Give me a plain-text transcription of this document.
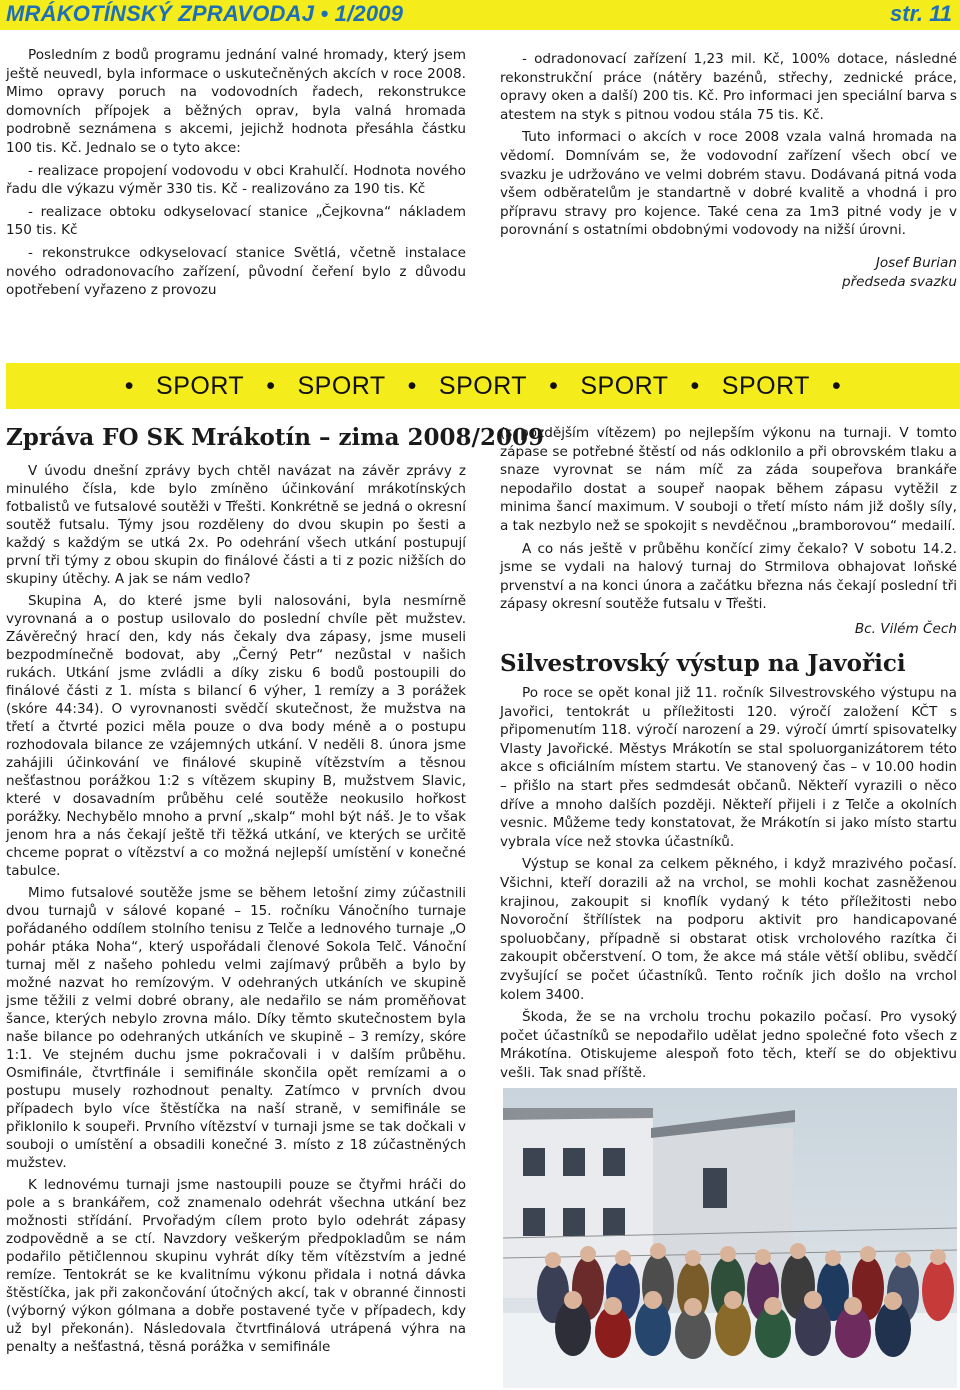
MRÁKOTÍNSKÝ ZPRAVODAJ • 1/2009	str. 11

Posledním z bodů programu jednání valné hromady, který jsem ještě neuvedl, byla informace o uskutečněných akcích v roce 2008. Mimo opravy poruch na vodovodních řadech, rekonstrukce domovních přípojek a běžných oprav, byla valná hromada podrobně seznámena s akcemi, jejichž hodnota přesáhla částku 100 tis. Kč. Jednalo se o tyto akce:

- realizace propojení vodovodu v obci Krahulčí. Hodnota nového řadu dle výkazu výměr 330 tis. Kč - realizováno za 190 tis. Kč

- realizace obtoku odkyselovací stanice „Čejkovna“ nákladem 150 tis. Kč

- rekonstrukce odkyselovací stanice Světlá, včetně instalace nového odradonovacího zařízení, původní čeření bylo z důvodu opotřebení vyřazeno z provozu

- odradonovací zařízení 1,23 mil. Kč, 100% dotace, následné rekonstrukční práce (nátěry bazénů, střechy, zednické práce, opravy oken a další) 200 tis. Kč. Pro informaci jen speciální barva s atestem na styk s pitnou vodou stála 75 tis. Kč.

Tuto informaci o akcích v roce 2008 vzala valná hromada na vědomí. Domnívám se, že vodovodní zařízení všech obcí ve svazku je udržováno ve velmi dobrém stavu. Dodávaná pitná voda všem odběratelům je standartně v dobré kvalitě a vhodná i pro přípravu stravy pro kojence. Také cena za 1m3 pitné vody je v porovnání s ostatními obdobnými vodovody na nižší úrovni.

Josef Burian

předseda svazku

• SPORT • SPORT • SPORT • SPORT • SPORT •
Zpráva FO SK Mrákotín – zima 2008/2009

V úvodu dnešní zprávy bych chtěl navázat na závěr zprávy z minulého čísla, kde bylo zmíněno účinkování mrákotínských fotbalistů ve futsalové soutěži v Třešti. Konkrétně se jedná o okresní soutěž futsalu. Týmy jsou rozděleny do dvou skupin po šesti a každý s každým se utká 2x. Po odehrání všech utkání postupují první tři týmy z obou skupin do finálové části a ti z pozic nižších do skupiny útěchy. A jak se nám vedlo?

Skupina A, do které jsme byli nalosováni, byla nesmírně vyrovnaná a o postup usilovalo do poslední chvíle pět mužstev. Závěrečný hrací den, kdy nás čekaly dva zápasy, jsme museli bezpodmínečně bodovat, aby „Černý Petr“ nezůstal v našich rukách. Utkání jsme zvládli a díky zisku 6 bodů postoupili do finálové části z 1. místa s bilancí 6 výher, 1 remízy a 3 porážek (skóre 44:34). O vyrovnanosti svědčí skutečnost, že mužstva na třetí a čtvrté pozici měla pouze o dva body méně a o postupu rozhodovala bilance ze vzájemných utkání. V neděli 8. února jsme zahájili účinkování ve finálové skupině vítězstvím a těsnou nešťastnou porážkou 1:2 s vítězem skupiny B, mužstvem Slavic, které v dosavadním průběhu celé soutěže neokusilo hořkost porážky. Nechybělo mnoho a první „skalp“ mohl být náš. Je to však jenom hra a nás čekají ještě tři těžká utkání, ve kterých se určitě chceme poprat o vítězství a co možná nejlepší umístění v konečné tabulce.

Mimo futsalové soutěže jsme se během letošní zimy zúčastnili dvou turnajů v sálové kopané – 15. ročníku Vánočního turnaje pořádaného oddílem stolního tenisu z Telče a lednového turnaje „O pohár ptáka Noha“, který uspořádali členové Sokola Telč. Vánoční turnaj měl z našeho pohledu velmi zajímavý průběh a bylo by možné nazvat ho remízovým. V odehraných utkáních ve skupině jsme těžili z velmi dobré obrany, ale nedařilo se nám proměňovat šance, kterých nebylo zrovna málo. Díky těmto skutečnostem byla naše bilance po odehraných utkáních ve skupině – 3 remízy, skóre 1:1. Ve stejném duchu jsme pokračovali i v dalším průběhu. Osmifinále, čtvrtfinále i semifinále skončila opět remízami a o postupu musely rozhodnout penalty. Zatímco v prvních dvou případech bylo více štěstíčka na naší straně, v semifinále se přiklonilo k soupeři. Prvního vítězství v turnaji jsme se tak dočkali v souboji o umístění a obsadili konečné 3. místo z 18 zúčastněných mužstev.

K lednovému turnaji jsme nastoupili pouze se čtyřmi hráči do pole a s brankářem, což znamenalo odehrát všechna utkání bez možnosti střídání. Prvořadým cílem proto bylo odehrát zápasy zodpovědně a se ctí. Navzdory veškerým předpokladům se nám podařilo pětičlennou skupinu vyhrát díky těm vítězstvím a jedné remíze. Tentokrát se ke kvalitnímu výkonu přidala i notná dávka štěstíčka, jak při zakončování útočných akcí, tak v obranné činnosti (výborný výkon gólmana a dobře postavené tyče v případech, kdy už byl překonán). Následovala čtvrtfinálová utrápená výhra na penalty a nešťastná, těsná porážka v semifinále

(s pozdějším vítězem) po nejlepším výkonu na turnaji. V tomto zápase se potřebné štěstí od nás odklonilo a při obrovském tlaku a snaze vyrovnat se nám míč za záda soupeřova brankáře nepodařilo dostat a soupeř naopak během zápasu vytěžil z minima šancí maximum. V souboji o třetí místo nám již došly síly, a tak nezbylo než se spokojit s nevděčnou „bramborovou“ medailí.

A co nás ještě v průběhu končící zimy čekalo? V sobotu 14.2. jsme se vydali na halový turnaj do Strmilova obhajovat loňské prvenství a na konci února a začátku března nás čekají poslední tři zápasy okresní soutěže futsalu v Třešti.

Bc. Vilém Čech

Silvestrovský výstup na Javořici

Po roce se opět konal již 11. ročník Silvestrovského výstupu na Javořici, tentokrát u příležitosti 120. výročí založení KČT s připomenutím 118. výročí narození a 29. výročí úmrtí spisovatelky Vlasty Javořické. Městys Mrákotín se stal spoluorganizátorem této akce s oficiálním místem startu. Ve stanovený čas – v 10.00 hodin – přišlo na start přes sedmdesát občanů. Někteří vyrazili o něco dříve a mnoho dalších později. Někteří přijeli i z Telče a okolních vesnic. Můžeme tedy konstatovat, že Mrákotín si jako místo startu vybrala více než stovka účastníků.

Výstup se konal za celkem pěkného, i když mrazivého počasí. Všichni, kteří dorazili až na vrchol, se mohli kochat zasněženou krajinou, zakoupit si knoflík vydaný k této příležitosti nebo Novoroční štřílístek na podporu aktivit pro handicapované spoluobčany, případně si obstarat otisk vrcholového razítka či zakoupit občerstvení. O tom, že akce má stále větší oblibu, svědčí zvyšující se počet účastníků. Tento ročník jich došlo na vrchol kolem 3400.

Škoda, že se na vrcholu trochu pokazilo počasí. Pro vysoký počet účastníků se nepodařilo udělat jedno společné foto všech z Mrákotína. Otiskujeme alespoň foto těch, kteří se do objektivu vešli. Tak snad příště.
